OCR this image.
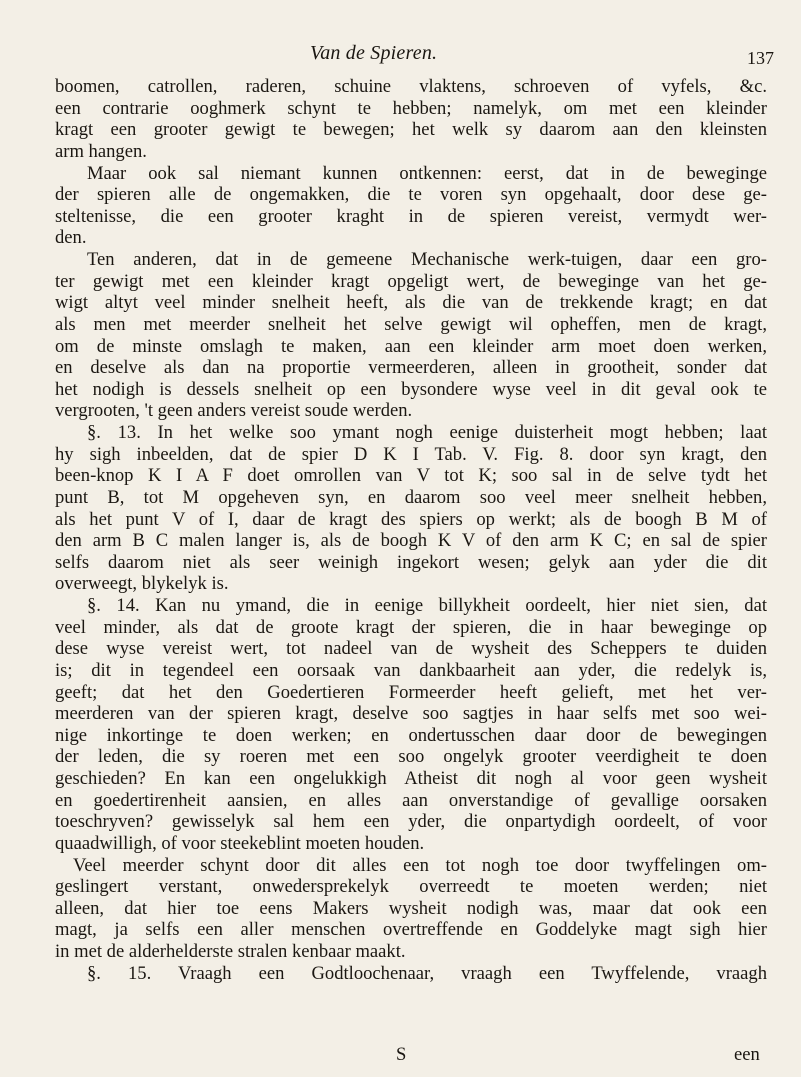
Van de Spieren.	137
boomen, catrollen, raderen, schuine vlaktens, schroeven of vyfels, &c.
een contrarie ooghmerk schynt te hebben; namelyk, om met een kleinder
kragt een grooter gewigt te bewegen; het welk sy daarom aan den kleinsten
arm hangen.
Maar ook sal niemant kunnen ontkennen: eerst, dat in de beweginge
der spieren alle de ongemakken, die te voren syn opgehaalt, door dese ge-
steltenisse, die een grooter kraght in de spieren vereist, vermydt wer-
den.
Ten anderen, dat in de gemeene Mechanische werk-tuigen, daar een gro-
ter gewigt met een kleinder kragt opgeligt wert, de beweginge van het ge-
wigt altyt veel minder snelheit heeft, als die van de trekkende kragt; en dat
als men met meerder snelheit het selve gewigt wil opheffen, men de kragt,
om de minste omslagh te maken, aan een kleinder arm moet doen werken,
en deselve als dan na proportie vermeerderen, alleen in grootheit, sonder dat
het nodigh is dessels snelheit op een bysondere wyse veel in dit geval ook te
vergrooten, 't geen anders vereist soude werden.
§. 13. In het welke soo ymant nogh eenige duisterheit mogt hebben; laat
hy sigh inbeelden, dat de spier D K I Tab. V. Fig. 8. door syn kragt, den
been-knop K I A F doet omrollen van V tot K; soo sal in de selve tydt het
punt B, tot M opgeheven syn, en daarom soo veel meer snelheit hebben,
als het punt V of I, daar de kragt des spiers op werkt; als de boogh B M of
den arm B C malen langer is, als de boogh K V of den arm K C; en sal de spier
selfs daarom niet als seer weinigh ingekort wesen; gelyk aan yder die dit
overweegt, blykelyk is.
§. 14. Kan nu ymand, die in eenige billykheit oordeelt, hier niet sien, dat
veel minder, als dat de groote kragt der spieren, die in haar beweginge op
dese wyse vereist wert, tot nadeel van de wysheit des Scheppers te duiden
is; dit in tegendeel een oorsaak van dankbaarheit aan yder, die redelyk is,
geeft; dat het den Goedertieren Formeerder heeft gelieft, met het ver-
meerderen van der spieren kragt, deselve soo sagtjes in haar selfs met soo wei-
nige inkortinge te doen werken; en ondertusschen daar door de bewegingen
der leden, die sy roeren met een soo ongelyk grooter veerdigheit te doen
geschieden? En kan een ongelukkigh Atheist dit nogh al voor geen wysheit
en goedertirenheit aansien, en alles aan onverstandige of gevallige oorsaken
toeschryven? gewisselyk sal hem een yder, die onpartydigh oordeelt, of voor
quaadwilligh, of voor steekeblint moeten houden.
Veel meerder schynt door dit alles een tot nogh toe door twyffelingen om-
geslingert verstant, onwedersprekelyk overreedt te moeten werden; niet
alleen, dat hier toe eens Makers wysheit nodigh was, maar dat ook een
magt, ja selfs een aller menschen overtreffende en Goddelyke magt sigh hier
in met de alderhelderste stralen kenbaar maakt.
§. 15. Vraagh een Godtloochenaar, vraagh een Twyffelende, vraagh
S	een
